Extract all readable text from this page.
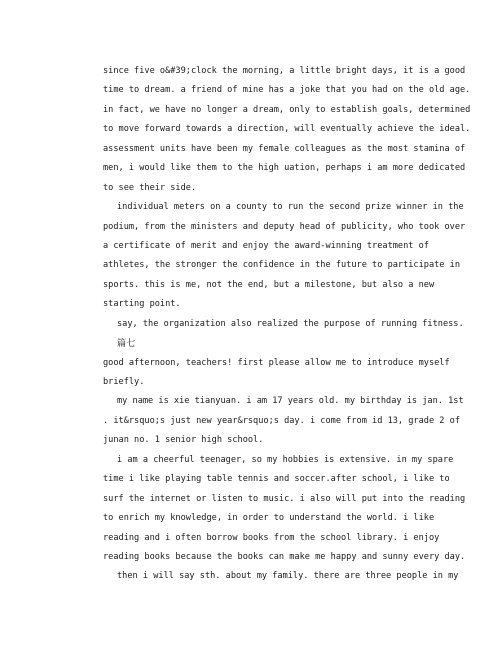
since five o&#39;clock the morning, a little bright days, it is a good
time to dream. a friend of mine has a joke that you had on the old age.
in fact, we have no longer a dream, only to establish goals, determined
to move forward towards a direction, will eventually achieve the ideal.
assessment units have been my female colleagues as the most stamina of
men, i would like them to the high uation, perhaps i am more dedicated
to see their side.
individual meters on a county to run the second prize winner in the
podium, from the ministers and deputy head of publicity, who took over
a certificate of merit and enjoy the award-winning treatment of
athletes, the stronger the confidence in the future to participate in
sports. this is me, not the end, but a milestone, but also a new
starting point.
say, the organization also realized the purpose of running fitness.
篇七
good afternoon, teachers! first please allow me to introduce myself
briefly.
my name is xie tianyuan. i am 17 years old. my birthday is jan. 1st
. it&rsquo;s just new year&rsquo;s day. i come from id 13, grade 2 of
junan no. 1 senior high school.
i am a cheerful teenager, so my hobbies is extensive. in my spare
time i like playing table tennis and soccer.after school, i like to
surf the internet or listen to music. i also will put into the reading
to enrich my knowledge, in order to understand the world. i like
reading and i often borrow books from the school library. i enjoy
reading books because the books can make me happy and sunny every day.
then i will say sth. about my family. there are three people in my
